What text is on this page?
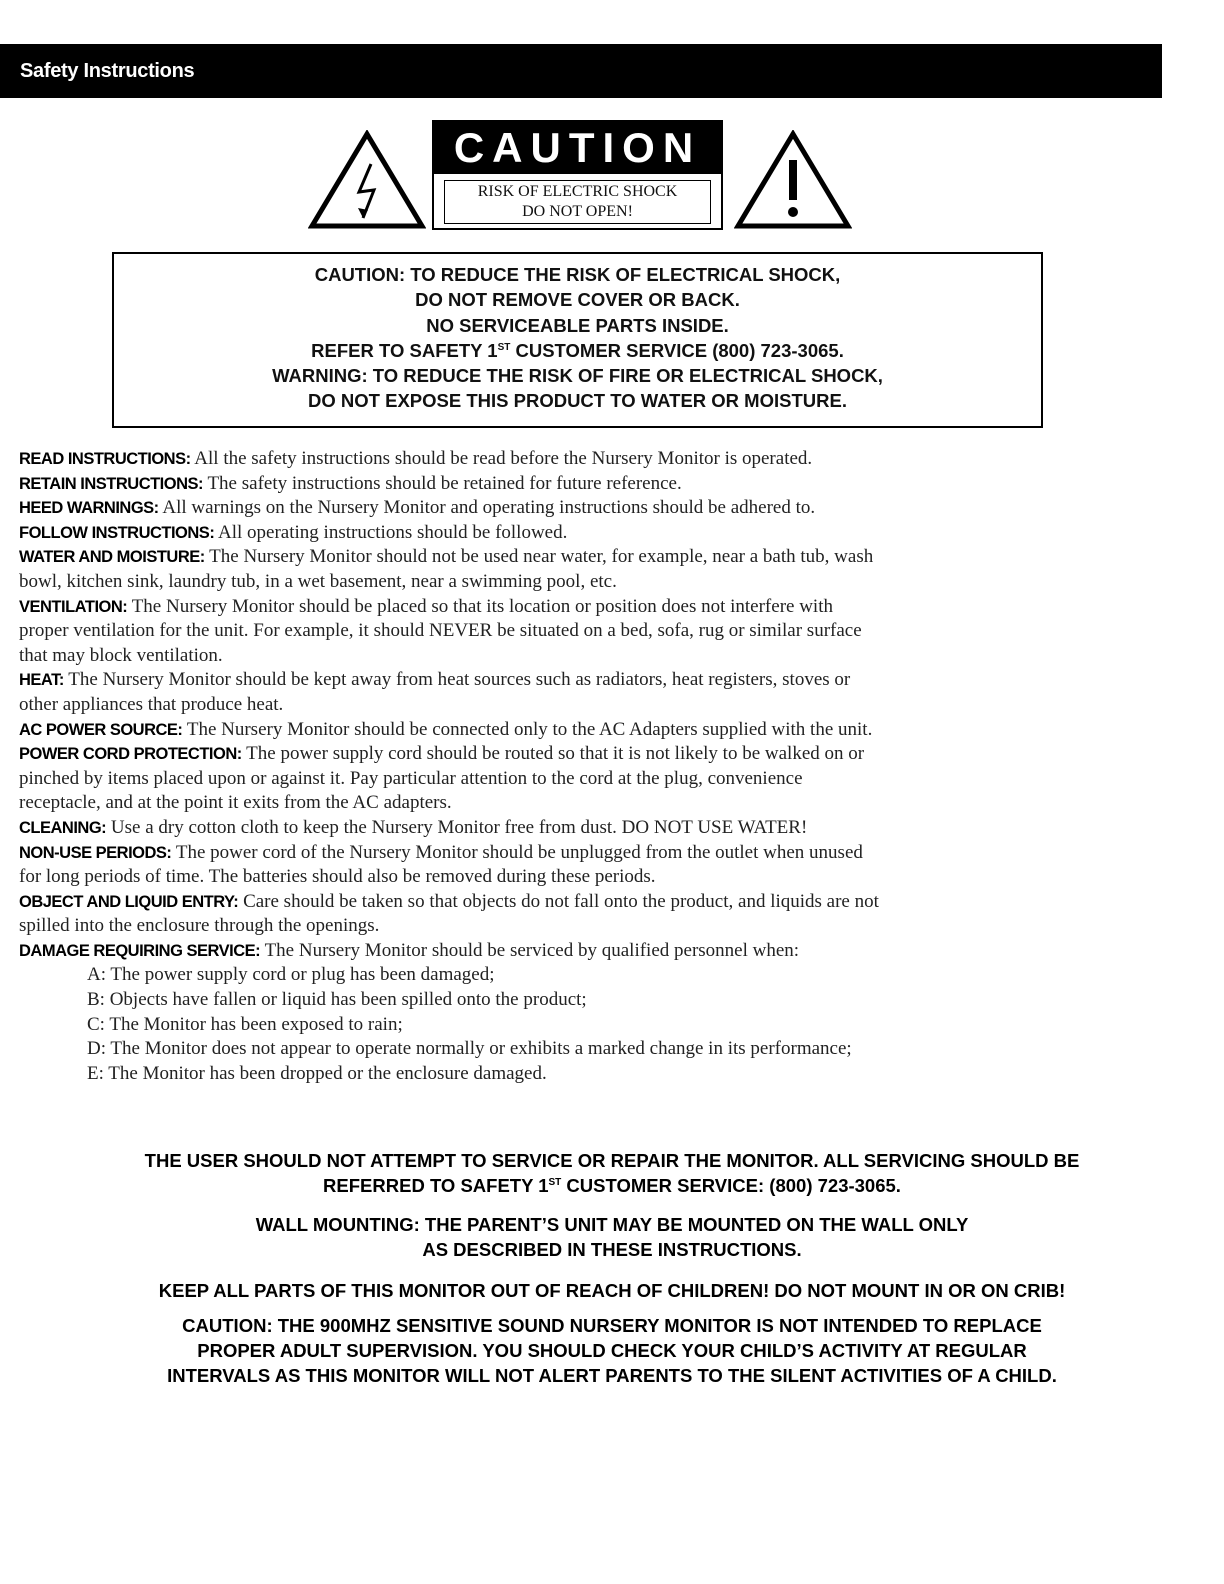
Safety Instructions
CAUTION
RISK OF ELECTRIC SHOCK
DO NOT OPEN!
CAUTION: TO REDUCE THE RISK OF ELECTRICAL SHOCK,
DO NOT REMOVE COVER OR BACK.
NO SERVICEABLE PARTS INSIDE.
REFER TO SAFETY 1ST CUSTOMER SERVICE (800) 723-3065.
WARNING: TO REDUCE THE RISK OF FIRE OR ELECTRICAL SHOCK,
DO NOT EXPOSE THIS PRODUCT TO WATER OR MOISTURE.
READ INSTRUCTIONS: All the safety instructions should be read before the Nursery Monitor is operated.
RETAIN INSTRUCTIONS: The safety instructions should be retained for future reference.
HEED WARNINGS: All warnings on the Nursery Monitor and operating instructions should be adhered to.
FOLLOW INSTRUCTIONS: All operating instructions should be followed.
WATER AND MOISTURE: The Nursery Monitor should not be used near water, for example, near a bath tub, wash
bowl, kitchen sink, laundry tub, in a wet basement, near a swimming pool, etc.
VENTILATION: The Nursery Monitor should be placed so that its location or position does not interfere with
proper ventilation for the unit. For example, it should NEVER be situated on a bed, sofa, rug or similar surface
that may block ventilation.
HEAT: The Nursery Monitor should be kept away from heat sources such as radiators, heat registers, stoves or
other appliances that produce heat.
AC POWER SOURCE: The Nursery Monitor should be connected only to the AC Adapters supplied with the unit.
POWER CORD PROTECTION: The power supply cord should be routed so that it is not likely to be walked on or
pinched by items placed upon or against it. Pay particular attention to the cord at the plug, convenience
receptacle, and at the point it exits from the AC adapters.
CLEANING: Use a dry cotton cloth to keep the Nursery Monitor free from dust. DO NOT USE WATER!
NON-USE PERIODS: The power cord of the Nursery Monitor should be unplugged from the outlet when unused
for long periods of time. The batteries should also be removed during these periods.
OBJECT AND LIQUID ENTRY: Care should be taken so that objects do not fall onto the product, and liquids are not
spilled into the enclosure through the openings.
DAMAGE REQUIRING SERVICE: The Nursery Monitor should be serviced by qualified personnel when:
A: The power supply cord or plug has been damaged;
B: Objects have fallen or liquid has been spilled onto the product;
C: The Monitor has been exposed to rain;
D: The Monitor does not appear to operate normally or exhibits a marked change in its performance;
E: The Monitor has been dropped or the enclosure damaged.
THE USER SHOULD NOT ATTEMPT TO SERVICE OR REPAIR THE MONITOR. ALL SERVICING SHOULD BE
REFERRED TO SAFETY 1ST CUSTOMER SERVICE: (800) 723-3065.
WALL MOUNTING: THE PARENT’S UNIT MAY BE MOUNTED ON THE WALL ONLY
AS DESCRIBED IN THESE INSTRUCTIONS.
KEEP ALL PARTS OF THIS MONITOR OUT OF REACH OF CHILDREN! DO NOT MOUNT IN OR ON CRIB!
CAUTION: THE 900MHZ SENSITIVE SOUND NURSERY MONITOR IS NOT INTENDED TO REPLACE
PROPER ADULT SUPERVISION. YOU SHOULD CHECK YOUR CHILD’S ACTIVITY AT REGULAR
INTERVALS AS THIS MONITOR WILL NOT ALERT PARENTS TO THE SILENT ACTIVITIES OF A CHILD.
